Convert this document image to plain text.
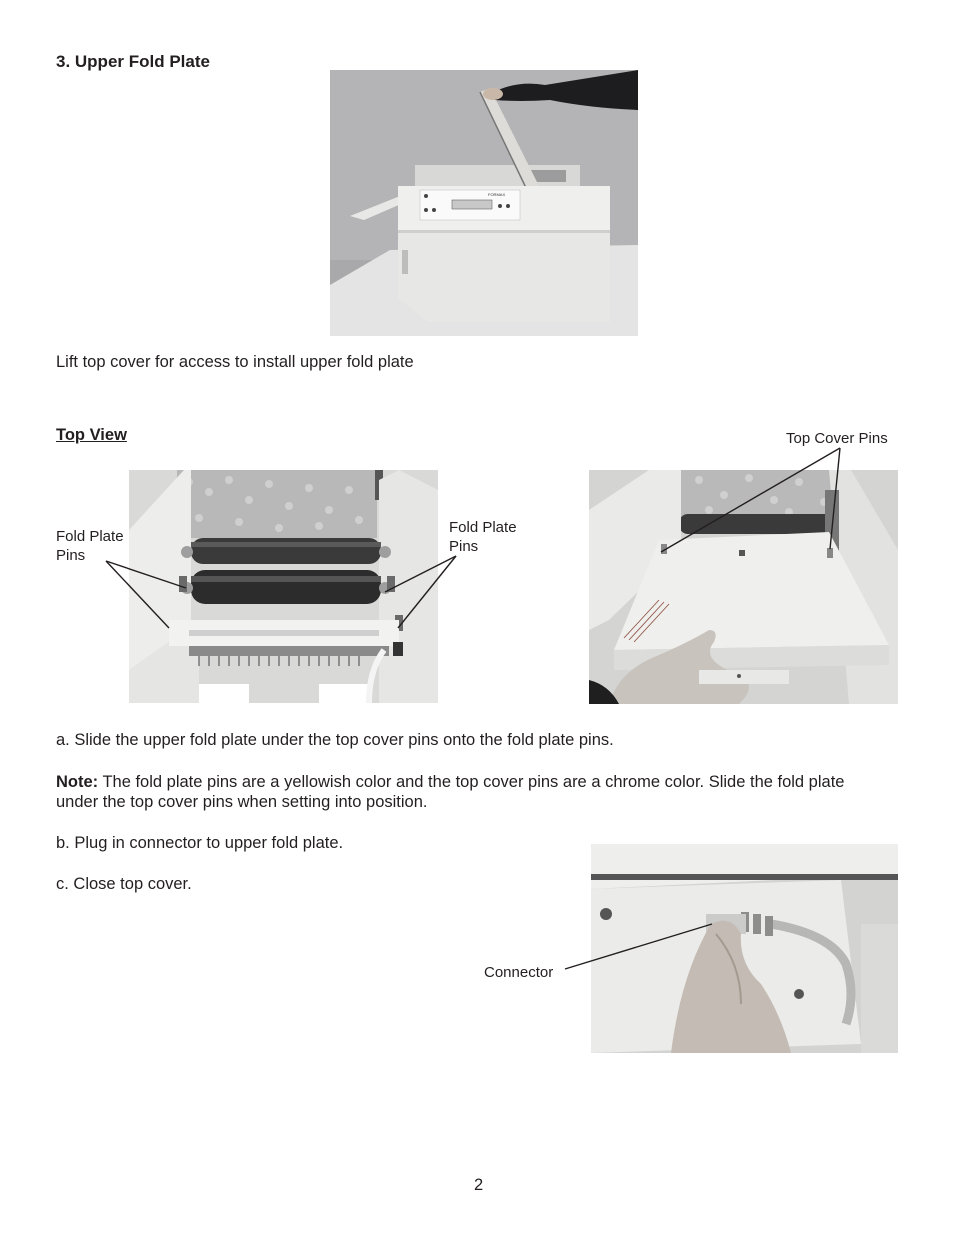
3. Upper Fold Plate
FORMAX
Lift top cover for access to install upper fold plate
Top View
Fold Plate
Pins
Fold Plate
Pins
Top Cover Pins
Connector
a. Slide the upper fold plate under the top cover pins onto the fold plate pins.
Note: The fold plate pins are a yellowish color and the top cover pins are a chrome color. Slide the fold plate
under the top cover pins when setting into position.
b. Plug in connector to upper fold plate.
c. Close top cover.
2
